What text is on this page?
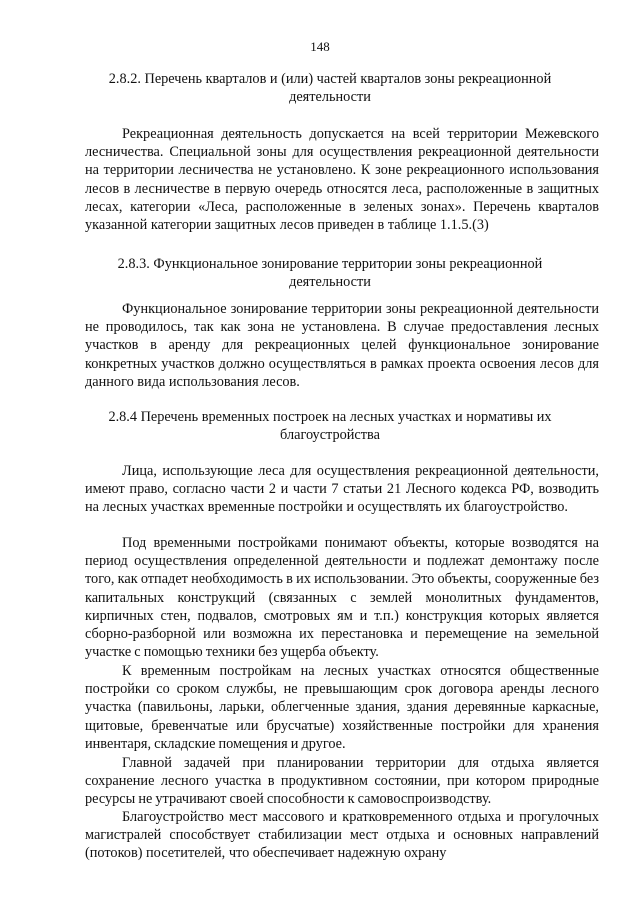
148
2.8.2. Перечень кварталов и (или) частей кварталов зоны рекреационной деятельности

Рекреационная деятельность допускается на всей территории Межевского лесничества. Специальной зоны для осуществления рекреационной деятельности на территории лесничества не установлено. К зоне рекреационного использования лесов в лесничестве в первую очередь относятся леса, расположенные в защитных лесах, категории «Леса, расположенные в зеленых зонах». Перечень кварталов указанной категории защитных лесов приведен в таблице 1.1.5.(3)

2.8.3. Функциональное зонирование территории зоны рекреационной деятельности

Функциональное зонирование территории зоны рекреационной деятельности не проводилось, так как зона не установлена. В случае предоставления лесных участков в аренду для рекреационных целей функциональное зонирование конкретных участков должно осуществляться в рамках проекта освоения лесов для данного вида использования лесов.

2.8.4 Перечень временных построек на лесных участках и нормативы их благоустройства

Лица, использующие леса для осуществления рекреационной деятельности, имеют право, согласно части 2 и части 7 статьи 21 Лесного кодекса РФ, возводить на лесных участках временные постройки и осуществлять их благоустройство.

Под временными постройками понимают объекты, которые возводятся на период осуществления определенной деятельности и подлежат демонтажу после того, как отпадет необходимость в их использовании. Это объекты, сооруженные без капитальных конструкций (связанных с землей монолитных фундаментов, кирпичных стен, подвалов, смотровых ям и т.п.) конструкция которых является сборно-разборной или возможна их перестановка и перемещение на земельной участке с помощью техники без ущерба объекту.

К временным постройкам на лесных участках относятся общественные постройки со сроком службы, не превышающим срок договора аренды лесного участка (павильоны, ларьки, облегченные здания, здания деревянные каркасные, щитовые, бревенчатые или брусчатые) хозяйственные постройки для хранения инвентаря, складские помещения и другое.

Главной задачей при планировании территории для отдыха является сохранение лесного участка в продуктивном состоянии, при котором природные ресурсы не утрачивают своей способности к самовоспроизводству.

Благоустройство мест массового и кратковременного отдыха и прогулочных магистралей способствует стабилизации мест отдыха и основных направлений (потоков) посетителей, что обеспечивает надежную охрану
